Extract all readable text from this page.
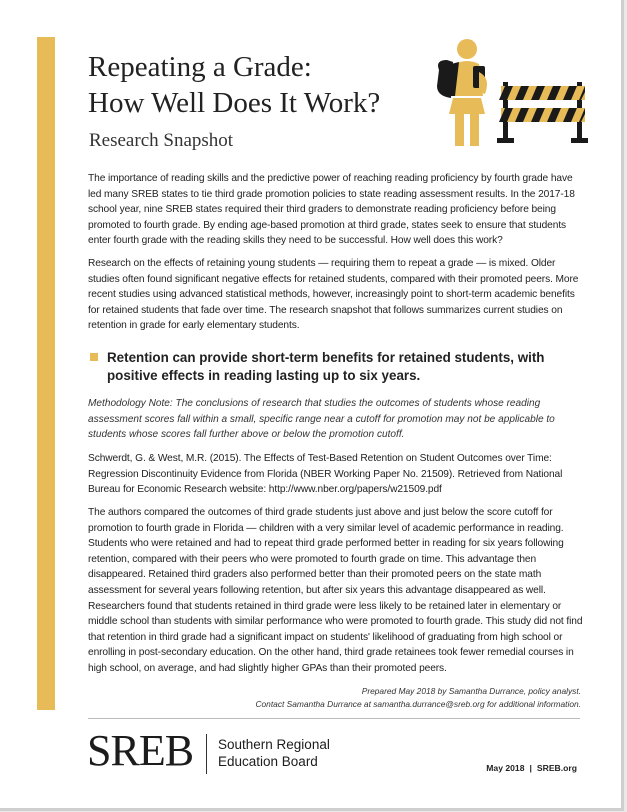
Repeating a Grade:
How Well Does It Work?
Research Snapshot

The importance of reading skills and the predictive power of reaching reading proficiency by fourth grade have led many SREB states to tie third grade promotion policies to state reading assessment results. In the 2017-18 school year, nine SREB states required their third graders to demonstrate reading proficiency before being promoted to fourth grade. By ending age-based promotion at third grade, states seek to ensure that students enter fourth grade with the reading skills they need to be successful. How well does this work?

Research on the effects of retaining young students — requiring them to repeat a grade — is mixed. Older studies often found significant negative effects for retained students, compared with their promoted peers. More recent studies using advanced statistical methods, however, increasingly point to short-term academic benefits for retained students that fade over time. The research snapshot that follows summarizes current studies on retention in grade for early elementary students.

Retention can provide short-term benefits for retained students, with positive effects in reading lasting up to six years.

Methodology Note: The conclusions of research that studies the outcomes of students whose reading assessment scores fall within a small, specific range near a cutoff for promotion may not be applicable to students whose scores fall further above or below the promotion cutoff.

Schwerdt, G. & West, M.R. (2015). The Effects of Test-Based Retention on Student Outcomes over Time: Regression Discontinuity Evidence from Florida (NBER Working Paper No. 21509). Retrieved from National Bureau for Economic Research website: http://www.nber.org/papers/w21509.pdf

The authors compared the outcomes of third grade students just above and just below the score cutoff for promotion to fourth grade in Florida — children with a very similar level of academic performance in reading. Students who were retained and had to repeat third grade performed better in reading for six years following retention, compared with their peers who were promoted to fourth grade on time. This advantage then disappeared. Retained third graders also performed better than their promoted peers on the state math assessment for several years following retention, but after six years this advantage disappeared as well. Researchers found that students retained in third grade were less likely to be retained later in elementary or middle school than students with similar performance who were promoted to fourth grade. This study did not find that retention in third grade had a significant impact on students' likelihood of graduating from high school or enrolling in post-secondary education. On the other hand, third grade retainees took fewer remedial courses in high school, on average, and had slightly higher GPAs than their promoted peers.

Prepared May 2018 by Samantha Durrance, policy analyst.
Contact Samantha Durrance at samantha.durrance@sreb.org for additional information.
SREB Southern Regional
Education Board	May 2018 | SREB.org
